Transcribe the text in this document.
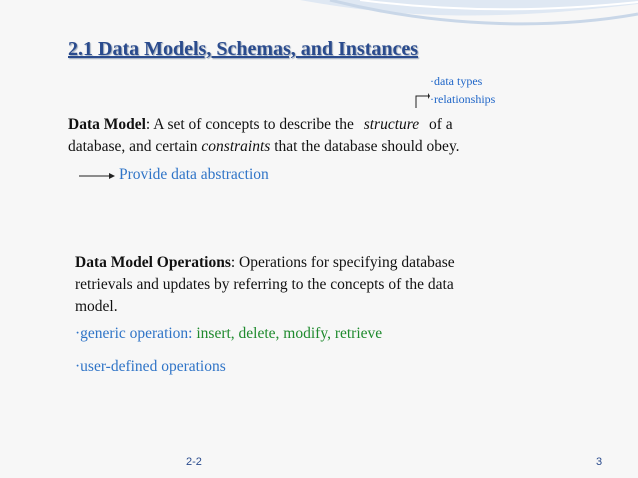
2.1 Data Models, Schemas, and Instances
·data types
·relationships
Data Model: A set of concepts to describe the structure of a
database, and certain constraints that the database should obey.
Provide data abstraction
Data Model Operations: Operations for specifying database
retrievals and updates by referring to the concepts of the data
model.
·generic operation: insert, delete, modify, retrieve
·user-defined operations
2-2	3
